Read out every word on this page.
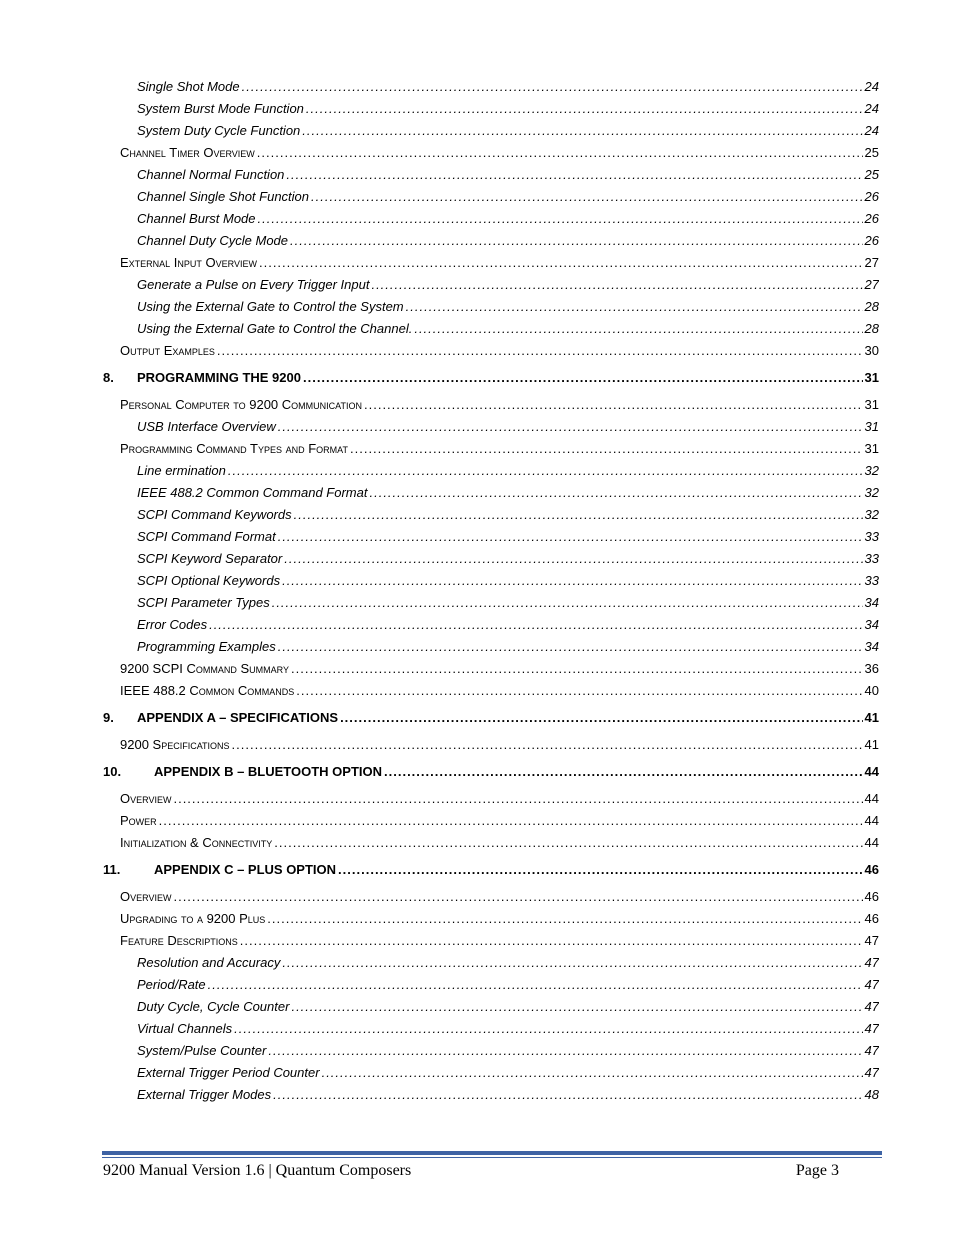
Single Shot Mode .....	24
System Burst Mode Function .....	24
System Duty Cycle Function .....	24
Channel Timer Overview .....	25
Channel Normal Function .....	25
Channel Single Shot Function .....	26
Channel Burst Mode .....	26
Channel Duty Cycle Mode .....	26
External Input Overview .....	27
Generate a Pulse on Every Trigger Input .....	27
Using the External Gate to Control the System .....	28
Using the External Gate to Control the Channel. .....	28
Output Examples .....	30
8. PROGRAMMING THE 9200 .....	31
Personal Computer to 9200 Communication .....	31
USB Interface Overview .....	31
Programming Command Types and Format .....	31
Line ermination .....	32
IEEE 488.2 Common Command Format .....	32
SCPI Command Keywords .....	32
SCPI Command Format .....	33
SCPI Keyword Separator .....	33
SCPI Optional Keywords .....	33
SCPI Parameter Types .....	34
Error Codes .....	34
Programming Examples .....	34
9200 SCPI Command Summary .....	36
IEEE 488.2 Common Commands .....	40
9. APPENDIX A – SPECIFICATIONS .....	41
9200 Specifications .....	41
10.	APPENDIX B – BLUETOOTH OPTION .....	44
Overview .....	44
Power .....	44
Initialization & Connectivity .....	44
11.	APPENDIX C – PLUS OPTION .....	46
Overview .....	46
Upgrading to a 9200 Plus .....	46
Feature Descriptions .....	47
Resolution and Accuracy .....	47
Period/Rate .....	47
Duty Cycle, Cycle Counter .....	47
Virtual Channels .....	47
System/Pulse Counter .....	47
External Trigger Period Counter .....	47
External Trigger Modes .....	48
9200 Manual Version 1.6 | Quantum Composers	Page 3
